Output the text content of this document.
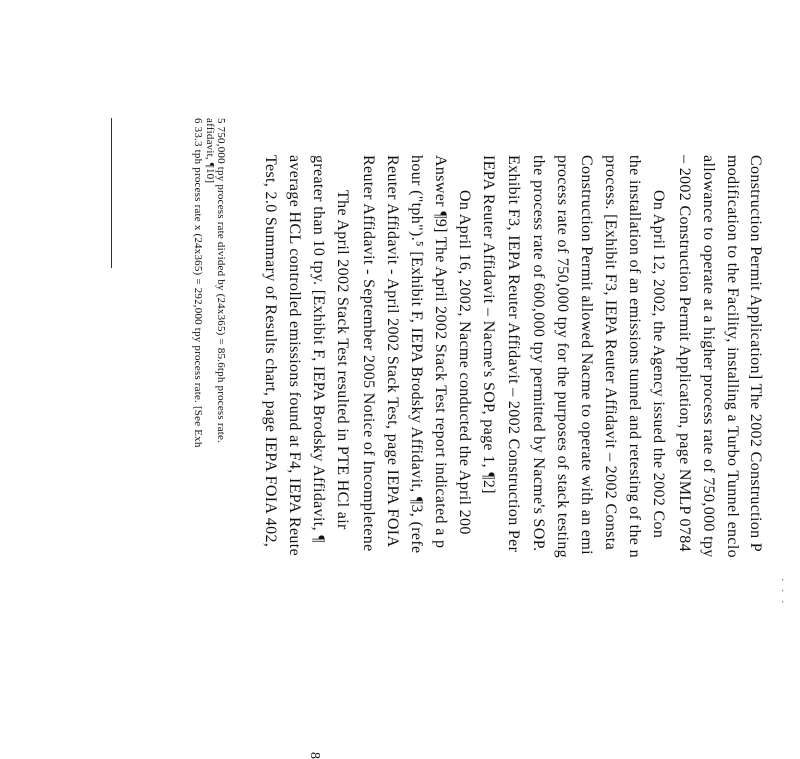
. . .
Construction Permit Application] The 2002 Construction P
modification to the Facility, installing a Turbo Tunnel enclo
allowance to operate at a higher process rate of 750,000 tpy
– 2002 Construction Permit Application, page NMLP 0784
On April 12, 2002, the Agency issued the 2002 Con
the installation of an emissions tunnel and retesting of the n
process. [Exhibit F3, IEPA Reuter Affidavit – 2002 Consta
Construction Permit allowed Nacme to operate with an emi
process rate of 750,000 tpy for the purposes of stack testing
the process rate of 600,000 tpy permitted by Nacme's SOP.
Exhibit F3, IEPA Reuter Affidavit – 2002 Construction Per
IEPA Reuter Affidavit – Nacme's SOP, page 1, ¶2]
On April 16, 2002, Nacme conducted the April 200
Answer ¶9] The April 2002 Stack Test report indicated a p
hour ("tph").⁵ [Exhibit F, IEPA Brodsky Affidavit, ¶3, (refe
Reuter Affidavit - April 2002 Stack Test, page IEPA FOIA
Reuter Affidavit - September 2005 Notice of Incompletene
The April 2002 Stack Test resulted in PTE HCl air
greater than 10 tpy. [Exhibit F, IEPA Brodsky Affidavit, ¶
average HCL controlled emissions found at F4, IEPA Reute
Test, 2.0 Summary of Results chart, page IEPA FOIA 402,
5 750,000 tpy process rate divided by (24x365) = 85.6tph process rate.
affidavit, ¶10]
6 33.3 tph process rate x (24x365) = 292,000 tpy process rate. [See Exh
8
